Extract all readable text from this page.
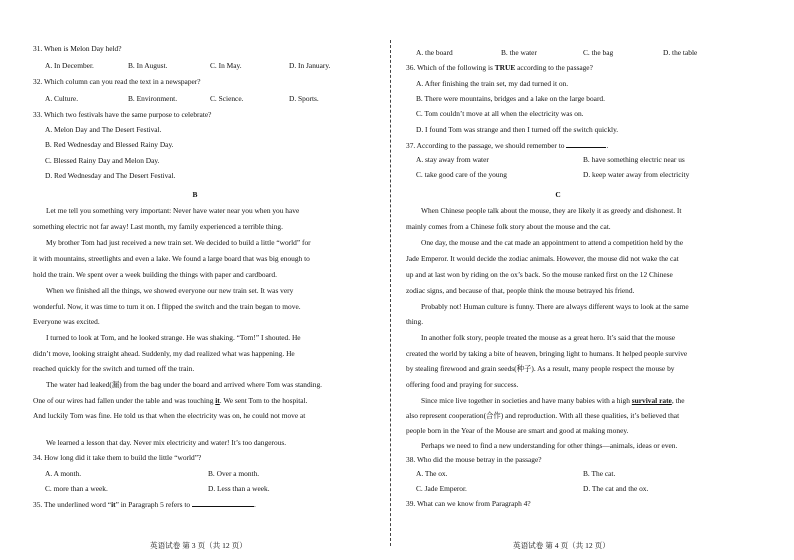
31. When is Melon Day held?
A. In December.	B. In August.	C. In May.	D. In January.
32. Which column can you read the text in a newspaper?
A. Culture.	B. Environment.	C. Science.	D. Sports.
33. Which two festivals have the same purpose to celebrate?
A. Melon Day and The Desert Festival.
B. Red Wednesday and Blessed Rainy Day.
C. Blessed Rainy Day and Melon Day.
D. Red Wednesday and The Desert Festival.
B
Let me tell you something very important: Never have water near you when you have
something electric not far away! Last month, my family experienced a terrible thing.
My brother Tom had just received a new train set. We decided to build a little “world” for
it with mountains, streetlights and even a lake. We found a large board that was big enough to
hold the train. We spent over a week building the things with paper and cardboard.
When we finished all the things, we showed everyone our new train set. It was very
wonderful. Now, it was time to turn it on. I flipped the switch and the train began to move.
Everyone was excited.
I turned to look at Tom, and he looked strange. He was shaking. “Tom!” I shouted. He
didn’t move, looking straight ahead. Suddenly, my dad realized what was happening. He
reached quickly for the switch and turned off the train.
The water had leaked(漏) from the bag under the board and arrived where Tom was standing.
One of our wires had fallen under the table and was touching it. We sent Tom to the hospital.
And luckily Tom was fine. He told us that when the electricity was on, he could not move at
We learned a lesson that day. Never mix electricity and water! It’s too dangerous.
34. How long did it take them to build the little “world”?
A. A month.	B. Over a month.
C. more than a week.	D. Less than a week.
35. The underlined word “it” in Paragraph 5 refers to	.
英语试卷 第 3 页（共 12 页）
A. the board	B. the water	C. the bag	D. the table
36. Which of the following is TRUE according to the passage?
A. After finishing the train set, my dad turned it on.
B. There were mountains, bridges and a lake on the large board.
C. Tom couldn’t move at all when the electricity was on.
D. I found Tom was strange and then I turned off the switch quickly.
37. According to the passage, we should remember to	.
A. stay away from water	B. have something electric near us
C. take good care of the young	D. keep water away from electricity
C
When Chinese people talk about the mouse, they are likely it as greedy and dishonest. It
mainly comes from a Chinese folk story about the mouse and the cat.
One day, the mouse and the cat made an appointment to attend a competition held by the
Jade Emperor. It would decide the zodiac animals. However, the mouse did not wake the cat
up and at last won by riding on the ox’s back. So the mouse ranked first on the 12 Chinese
zodiac signs, and because of that, people think the mouse betrayed his friend.
Probably not! Human culture is funny. There are always different ways to look at the same
thing.
In another folk story, people treated the mouse as a great hero. It’s said that the mouse
created the world by taking a bite of heaven, bringing light to humans. It helped people survive
by stealing firewood and grain seeds(种子). As a result, many people respect the mouse by
offering food and praying for success.
Since mice live together in societies and have many babies with a high survival rate, the
also represent cooperation(合作) and reproduction. With all these qualities, it’s believed that
people born in the Year of the Mouse are smart and good at making money.
Perhaps we need to find a new understanding for other things—animals, ideas or even.
38. Who did the mouse betray in the passage?
A. The ox.	B. The cat.
C. Jade Emperor.	D. The cat and the ox.
39. What can we know from Paragraph 4?
英语试卷 第 4 页（共 12 页）
